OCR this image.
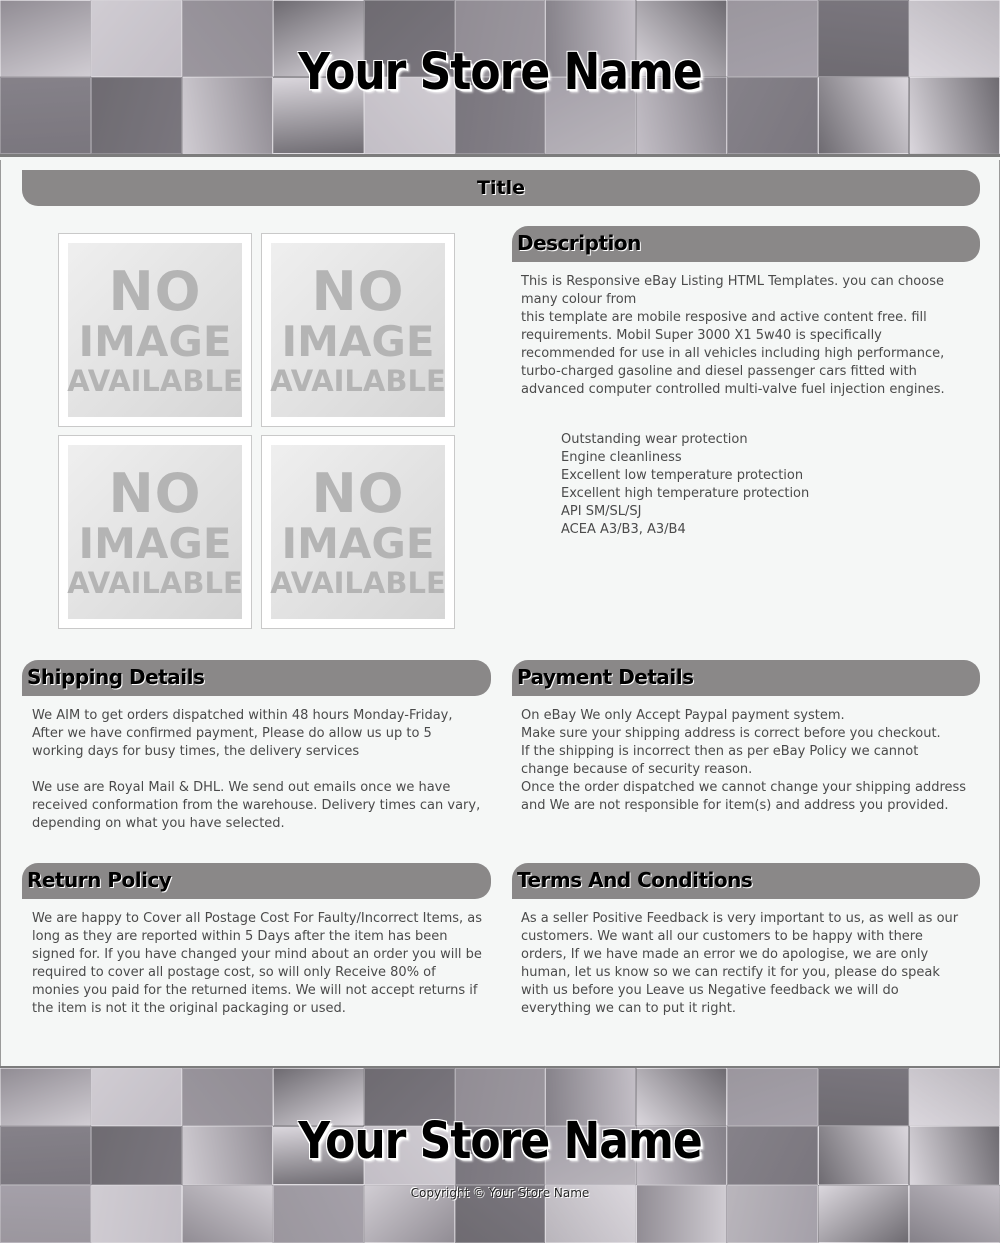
Your Store Name
Title
NO
IMAGE
AVAILABLE
NO
IMAGE
AVAILABLE
NO
IMAGE
AVAILABLE
NO
IMAGE
AVAILABLE
Description
This is Responsive eBay Listing HTML Templates. you can choose many colour from
this template are mobile resposive and active content free. fill requirements. Mobil Super 3000 X1 5w40 is specifically recommended for use in all vehicles including high performance, turbo-charged gasoline and diesel passenger cars fitted with advanced computer controlled multi-valve fuel injection engines.
Outstanding wear protection
Engine cleanliness
Excellent low temperature protection
Excellent high temperature protection
API SM/SL/SJ
ACEA A3/B3, A3/B4
Shipping Details
We AIM to get orders dispatched within 48 hours Monday-Friday, After we have confirmed payment, Please do allow us up to 5 working days for busy times, the delivery services

We use are Royal Mail & DHL. We send out emails once we have received conformation from the warehouse. Delivery times can vary, depending on what you have selected.
Payment Details
On eBay We only Accept Paypal payment system.
Make sure your shipping address is correct before you checkout.
If the shipping is incorrect then as per eBay Policy we cannot change because of security reason.
Once the order dispatched we cannot change your shipping address and We are not responsible for item(s) and address you provided.
Return Policy
We are happy to Cover all Postage Cost For Faulty/Incorrect Items, as long as they are reported within 5 Days after the item has been signed for. If you have changed your mind about an order you will be required to cover all postage cost, so will only Receive 80% of monies you paid for the returned items. We will not accept returns if the item is not it the original packaging or used.
Terms And Conditions
As a seller Positive Feedback is very important to us, as well as our customers. We want all our customers to be happy with there orders, If we have made an error we do apologise, we are only human, let us know so we can rectify it for you, please do speak with us before you Leave us Negative feedback we will do everything we can to put it right.
Your Store Name
Copyright © Your Store Name
